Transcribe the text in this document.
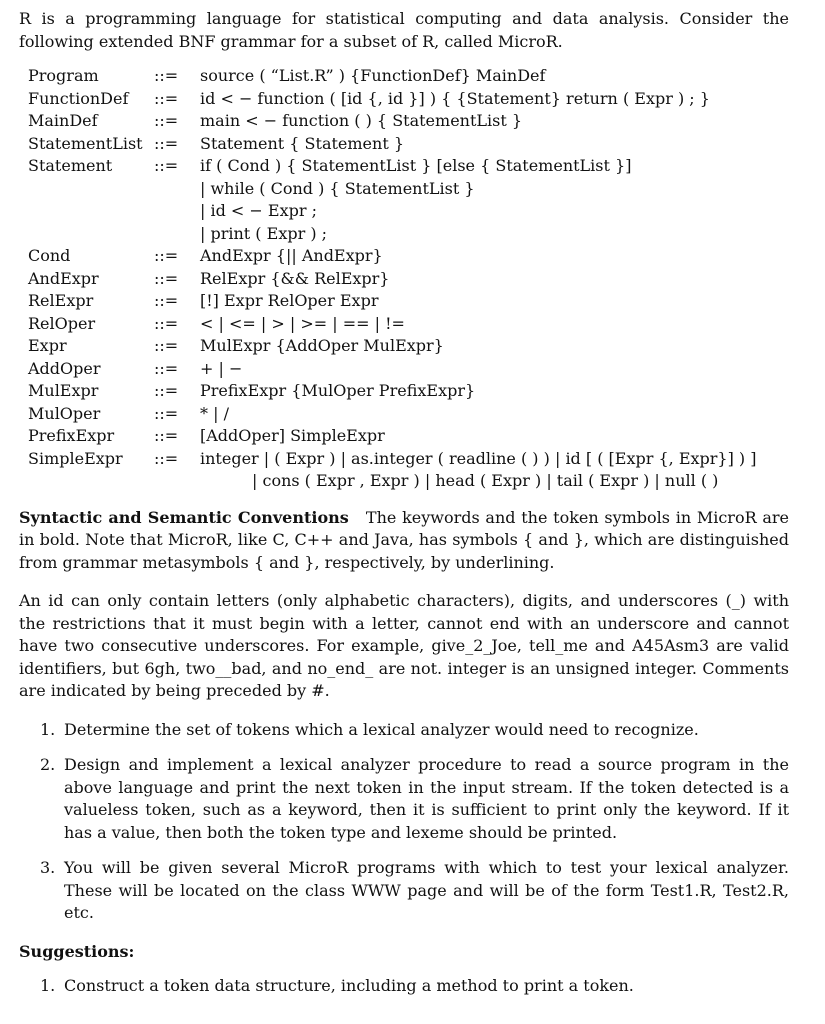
R is a programming language for statistical computing and data analysis. Consider the following extended BNF grammar for a subset of R, called MicroR.

Program	::=	source ( “List.R” ) {FunctionDef} MainDef
FunctionDef	::=	id < − function ( [id {, id }] ) { {Statement} return ( Expr ) ; }
MainDef	::=	main < − function ( ) { StatementList }
StatementList	::=	Statement { Statement }
Statement	::=	if ( Cond ) { StatementList } [else { StatementList }]
		| while ( Cond ) { StatementList }
		| id < − Expr ;
		| print ( Expr ) ;
Cond	::=	AndExpr {|| AndExpr}
AndExpr	::=	RelExpr {&& RelExpr}
RelExpr	::=	[!] Expr RelOper Expr
RelOper	::=	< | <= | > | >= | == | !=
Expr	::=	MulExpr {AddOper MulExpr}
AddOper	::=	+ | −
MulExpr	::=	PrefixExpr {MulOper PrefixExpr}
MulOper	::=	* | /
PrefixExpr	::=	[AddOper] SimpleExpr
SimpleExpr	::=	integer | ( Expr ) | as.integer ( readline ( ) ) | id [ ( [Expr {, Expr}] ) ]
		| cons ( Expr , Expr ) | head ( Expr ) | tail ( Expr ) | null ( )

Syntactic and Semantic Conventions The keywords and the token symbols in MicroR are in bold. Note that MicroR, like C, C++ and Java, has symbols { and }, which are distinguished from grammar metasymbols { and }, respectively, by underlining.

An id can only contain letters (only alphabetic characters), digits, and underscores (_) with the restrictions that it must begin with a letter, cannot end with an underscore and cannot have two consecutive underscores. For example, give_2_Joe, tell_me and A45Asm3 are valid identifiers, but 6gh, two__bad, and no_end_ are not. integer is an unsigned integer. Comments are indicated by being preceded by #.

1. Determine the set of tokens which a lexical analyzer would need to recognize.
2. Design and implement a lexical analyzer procedure to read a source program in the above language and print the next token in the input stream. If the token detected is a valueless token, such as a keyword, then it is sufficient to print only the keyword. If it has a value, then both the token type and lexeme should be printed.
3. You will be given several MicroR programs with which to test your lexical analyzer. These will be located on the class WWW page and will be of the form Test1.R, Test2.R, etc.
Suggestions:
1. Construct a token data structure, including a method to print a token.
